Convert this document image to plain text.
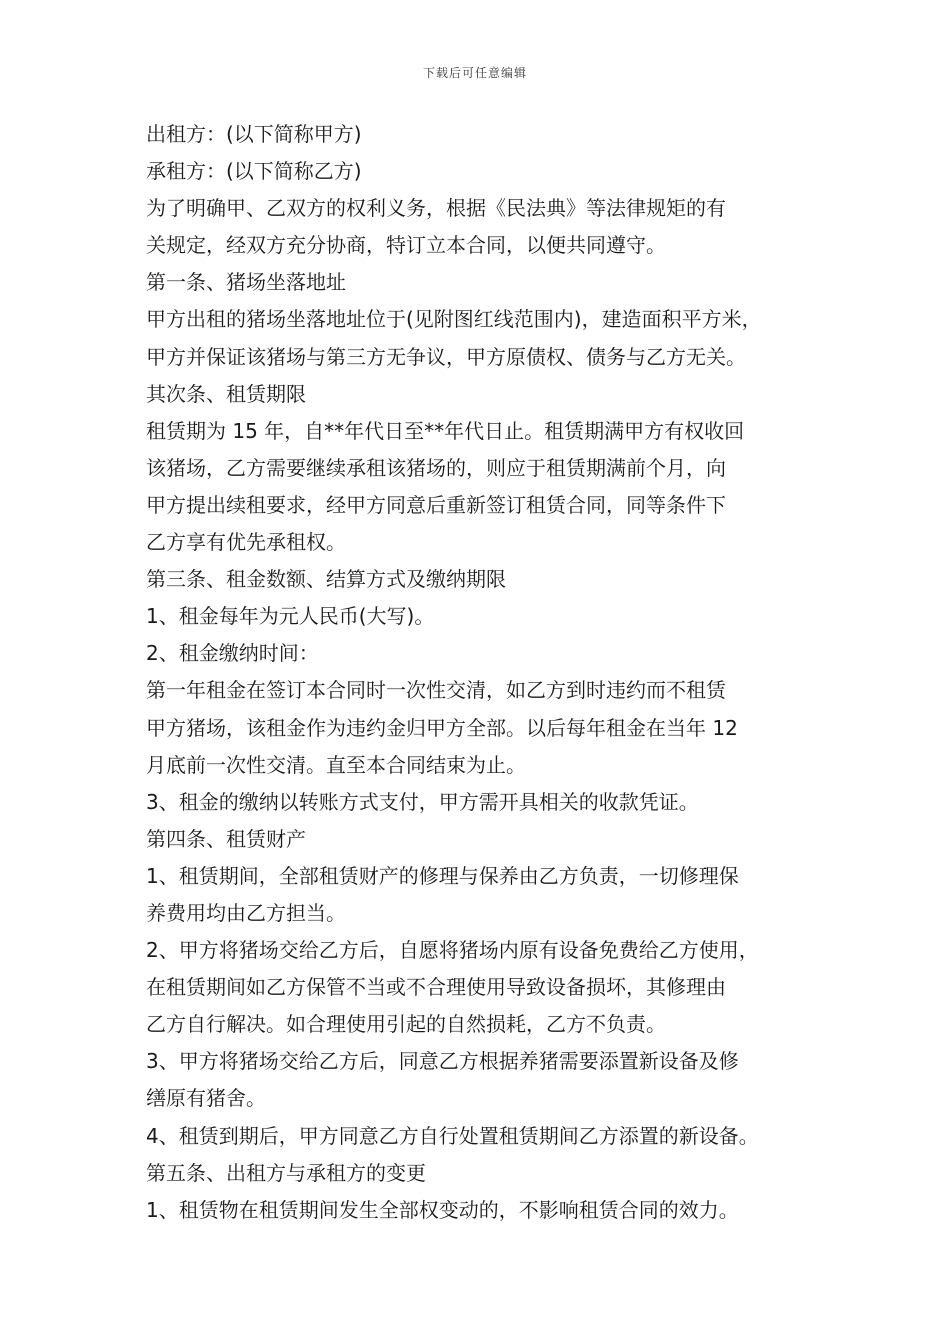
下载后可任意编辑
出租方：(以下简称甲方)
承租方：(以下简称乙方)
为了明确甲、乙双方的权利义务，根据《民法典》等法律规矩的有
关规定，经双方充分协商，特订立本合同，以便共同遵守。
第一条、猪场坐落地址
甲方出租的猪场坐落地址位于(见附图红线范围内)，建造面积平方米，
甲方并保证该猪场与第三方无争议，甲方原债权、债务与乙方无关。
其次条、租赁期限
租赁期为 15 年，自**年代日至**年代日止。租赁期满甲方有权收回
该猪场，乙方需要继续承租该猪场的，则应于租赁期满前个月，向
甲方提出续租要求，经甲方同意后重新签订租赁合同，同等条件下
乙方享有优先承租权。
第三条、租金数额、结算方式及缴纳期限
1、租金每年为元人民币(大写)。
2、租金缴纳时间：
第一年租金在签订本合同时一次性交清，如乙方到时违约而不租赁
甲方猪场，该租金作为违约金归甲方全部。以后每年租金在当年 12
月底前一次性交清。直至本合同结束为止。
3、租金的缴纳以转账方式支付，甲方需开具相关的收款凭证。
第四条、租赁财产
1、租赁期间，全部租赁财产的修理与保养由乙方负责，一切修理保
养费用均由乙方担当。
2、甲方将猪场交给乙方后，自愿将猪场内原有设备免费给乙方使用，
在租赁期间如乙方保管不当或不合理使用导致设备损坏，其修理由
乙方自行解决。如合理使用引起的自然损耗，乙方不负责。
3、甲方将猪场交给乙方后，同意乙方根据养猪需要添置新设备及修
缮原有猪舍。
4、租赁到期后，甲方同意乙方自行处置租赁期间乙方添置的新设备。
第五条、出租方与承租方的变更
1、租赁物在租赁期间发生全部权变动的，不影响租赁合同的效力。
